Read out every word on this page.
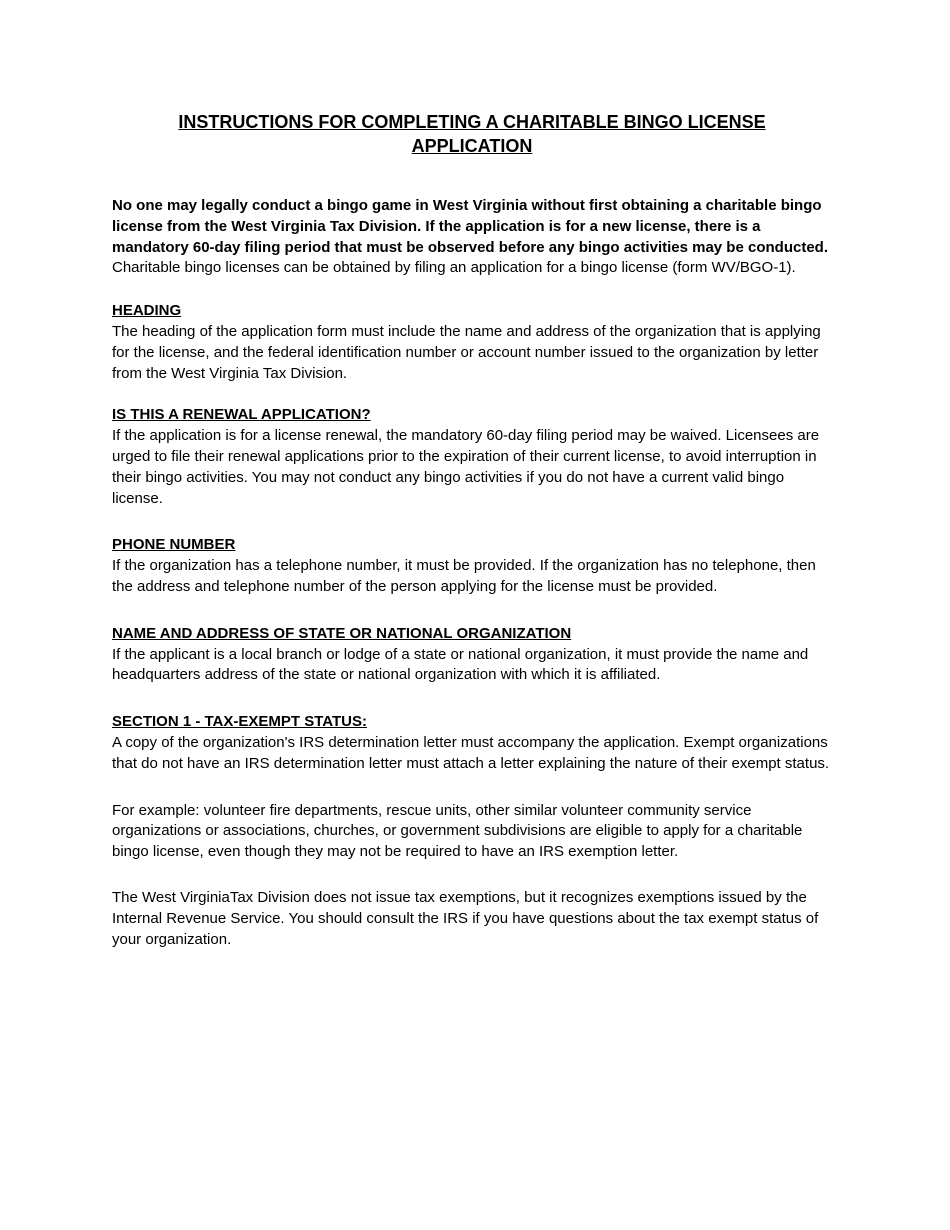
INSTRUCTIONS FOR COMPLETING A CHARITABLE BINGO LICENSE
APPLICATION

No one may legally conduct a bingo game in West Virginia without first obtaining a charitable bingo license from the West Virginia Tax Division. If the application is for a new license, there is a mandatory 60-day filing period that must be observed before any bingo activities may be conducted. Charitable bingo licenses can be obtained by filing an application for a bingo license (form WV/BGO-1).

HEADING

The heading of the application form must include the name and address of the organization that is applying for the license, and the federal identification number or account number issued to the organization by letter from the West Virginia Tax Division.

IS THIS A RENEWAL APPLICATION?

If the application is for a license renewal, the mandatory 60-day filing period may be waived. Licensees are urged to file their renewal applications prior to the expiration of their current license, to avoid interruption in their bingo activities. You may not conduct any bingo activities if you do not have a current valid bingo license.

PHONE NUMBER

If the organization has a telephone number, it must be provided. If the organization has no telephone, then the address and telephone number of the person applying for the license must be provided.

NAME AND ADDRESS OF STATE OR NATIONAL ORGANIZATION

If the applicant is a local branch or lodge of a state or national organization, it must provide the name and headquarters address of the state or national organization with which it is affiliated.

SECTION 1 - TAX-EXEMPT STATUS:

A copy of the organization's IRS determination letter must accompany the application. Exempt organizations that do not have an IRS determination letter must attach a letter explaining the nature of their exempt status.

For example: volunteer fire departments, rescue units, other similar volunteer community service organizations or associations, churches, or government subdivisions are eligible to apply for a charitable bingo license, even though they may not be required to have an IRS exemption letter.

The West VirginiaTax Division does not issue tax exemptions, but it recognizes exemptions issued by the Internal Revenue Service. You should consult the IRS if you have questions about the tax exempt status of your organization.
